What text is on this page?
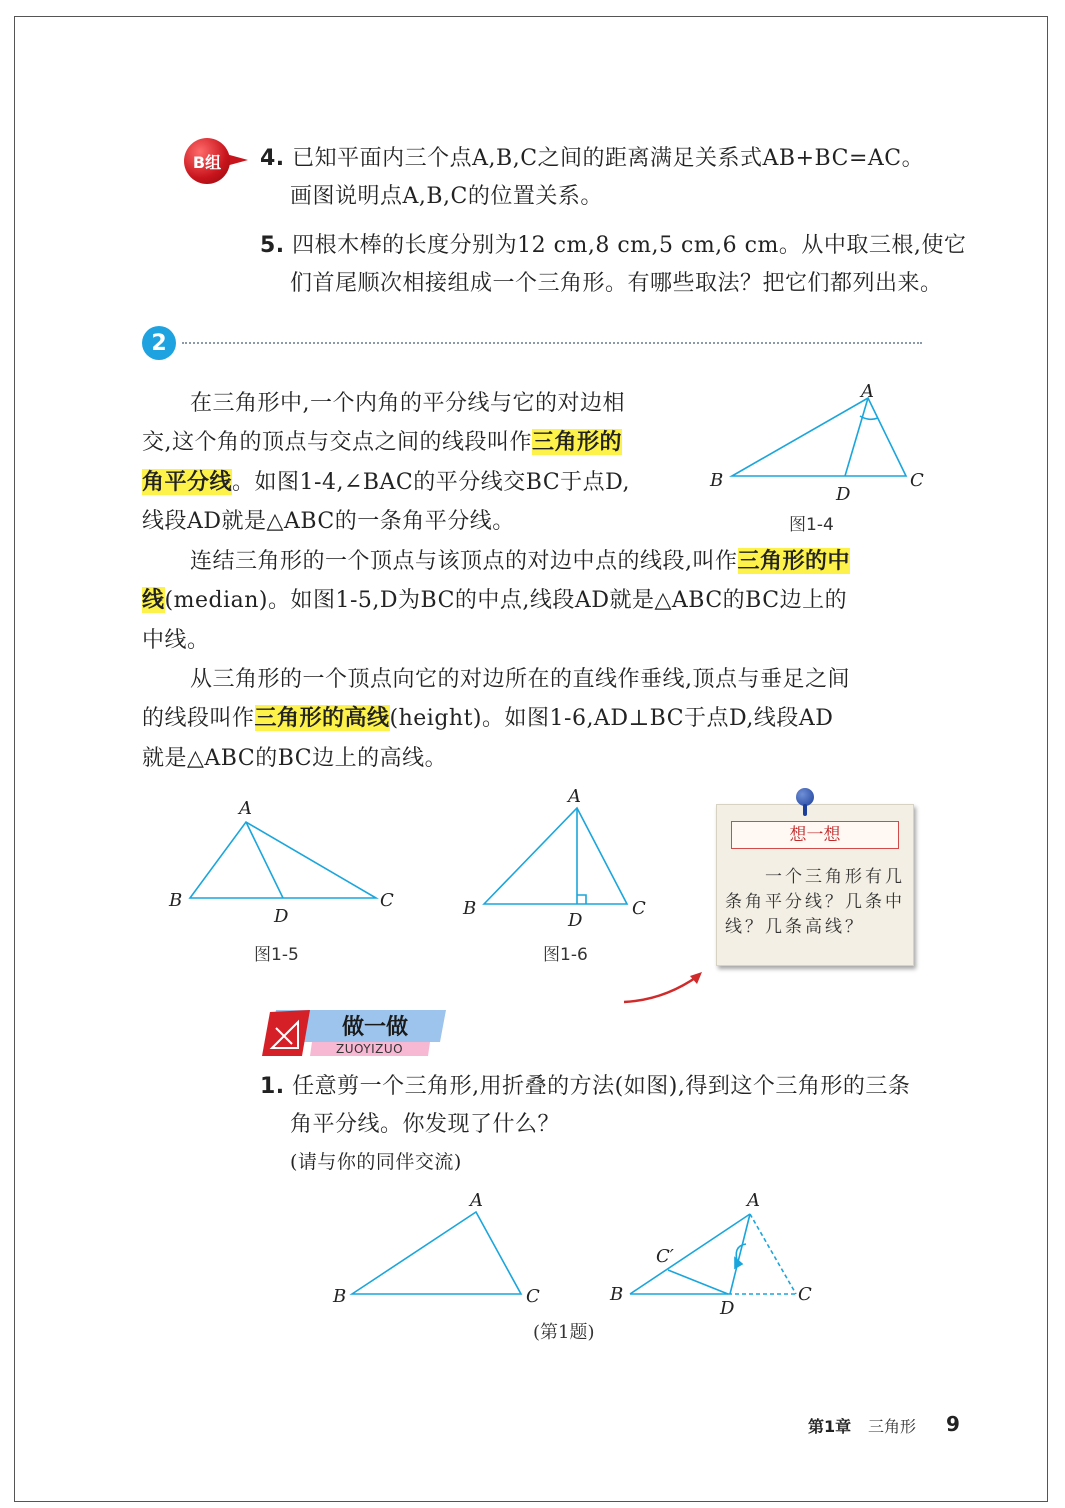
B组	4. 已知平面内三个点A,B,C之间的距离满足关系式AB+BC=AC。
画图说明点A,B,C的位置关系。
5. 四根木棒的长度分别为12 cm,8 cm,5 cm,6 cm。从中取三根,使它
们首尾顺次相接组成一个三角形。有哪些取法？把它们都列出来。
2
在三角形中,一个内角的平分线与它的对边相
交,这个角的顶点与交点之间的线段叫作三角形的
角平分线。如图1-4,∠BAC的平分线交BC于点D,
线段AD就是△ABC的一条角平分线。
A
B	C
D
图1-4
连结三角形的一个顶点与该顶点的对边中点的线段,叫作三角形的中
线(median)。如图1-5,D为BC的中点,线段AD就是△ABC的BC边上的
中线。
从三角形的一个顶点向它的对边所在的直线作垂线,顶点与垂足之间
的线段叫作三角形的高线(height)。如图1-6,AD⊥BC于点D,线段AD
就是△ABC的BC边上的高线。
A
B	C
D
图1-5
A
B	C
D
图1-6
想一想
一个三角形有几条角平分线？几条中线？几条高线？
做一做
ZUOYIZUO
1. 任意剪一个三角形,用折叠的方法(如图),得到这个三角形的三条
角平分线。你发现了什么？
(请与你的同伴交流)
A
B	C
A
B	C
D
C′
(第1题)
第1章 三角形 9
